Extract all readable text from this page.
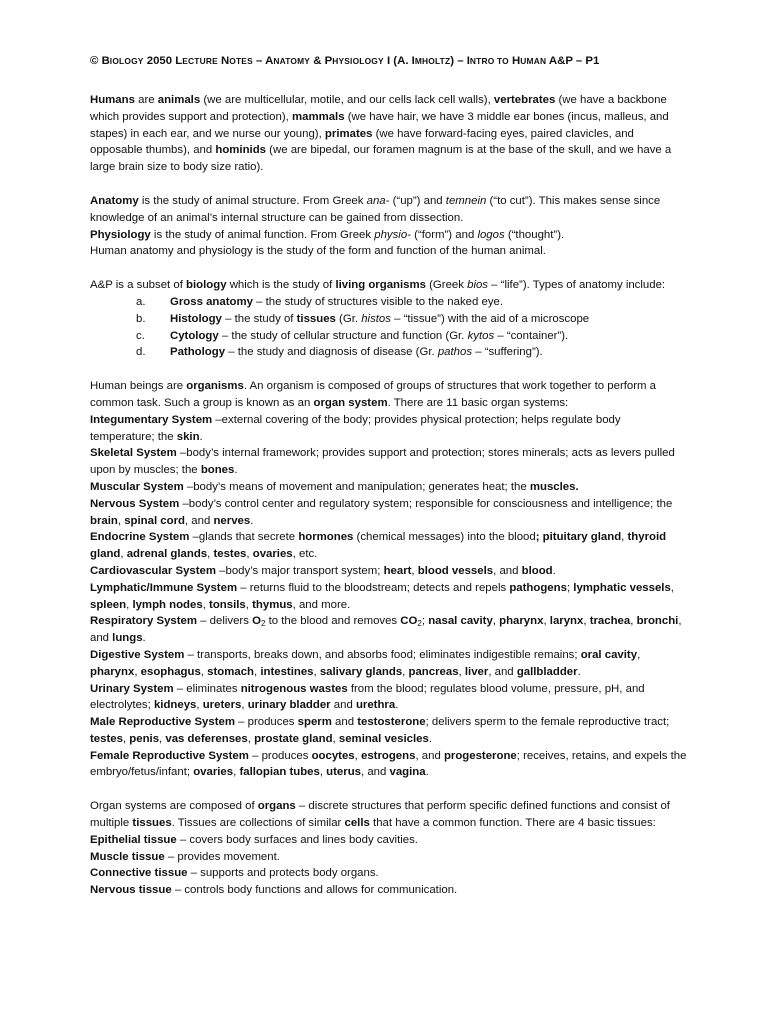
© BIOLOGY 2050 LECTURE NOTES – ANATOMY & PHYSIOLOGY I (A. IMHOLTZ) – INTRO TO HUMAN A&P – P1

Humans are animals (we are multicellular, motile, and our cells lack cell walls), vertebrates (we have a backbone which provides support and protection), mammals (we have hair, we have 3 middle ear bones (incus, malleus, and stapes) in each ear, and we nurse our young), primates (we have forward-facing eyes, paired clavicles, and opposable thumbs), and hominids (we are bipedal, our foramen magnum is at the base of the skull, and we have a large brain size to body size ratio).

Anatomy is the study of animal structure. From Greek ana- (“up”) and temnein (“to cut”). This makes sense since knowledge of an animal’s internal structure can be gained from dissection.

Physiology is the study of animal function. From Greek physio- (“form”) and logos (“thought”).

Human anatomy and physiology is the study of the form and function of the human animal.

A&P is a subset of biology which is the study of living organisms (Greek bios – “life”). Types of anatomy include:

a.	Gross anatomy – the study of structures visible to the naked eye.
b.	Histology – the study of tissues (Gr. histos – “tissue”) with the aid of a microscope
c.	Cytology – the study of cellular structure and function (Gr. kytos – “container”).
d.	Pathology – the study and diagnosis of disease (Gr. pathos – “suffering”).

Human beings are organisms. An organism is composed of groups of structures that work together to perform a common task. Such a group is known as an organ system. There are 11 basic organ systems:

Integumentary System –external covering of the body; provides physical protection; helps regulate body temperature; the skin.

Skeletal System –body’s internal framework; provides support and protection; stores minerals; acts as levers pulled upon by muscles; the bones.

Muscular System –body’s means of movement and manipulation; generates heat; the muscles.

Nervous System –body’s control center and regulatory system; responsible for consciousness and intelligence; the brain, spinal cord, and nerves.

Endocrine System –glands that secrete hormones (chemical messages) into the blood; pituitary gland, thyroid gland, adrenal glands, testes, ovaries, etc.

Cardiovascular System –body’s major transport system; heart, blood vessels, and blood.

Lymphatic/Immune System – returns fluid to the bloodstream; detects and repels pathogens; lymphatic vessels, spleen, lymph nodes, tonsils, thymus, and more.

Respiratory System – delivers $O_2$ to the blood and removes $CO_2$; nasal cavity, pharynx, larynx, trachea, bronchi, and lungs.

Digestive System – transports, breaks down, and absorbs food; eliminates indigestible remains; oral cavity, pharynx, esophagus, stomach, intestines, salivary glands, pancreas, liver, and gallbladder.

Urinary System – eliminates nitrogenous wastes from the blood; regulates blood volume, pressure, pH, and electrolytes; kidneys, ureters, urinary bladder and urethra.

Male Reproductive System – produces sperm and testosterone; delivers sperm to the female reproductive tract; testes, penis, vas deferenses, prostate gland, seminal vesicles.

Female Reproductive System – produces oocytes, estrogens, and progesterone; receives, retains, and expels the embryo/fetus/infant; ovaries, fallopian tubes, uterus, and vagina.

Organ systems are composed of organs – discrete structures that perform specific defined functions and consist of multiple tissues. Tissues are collections of similar cells that have a common function. There are 4 basic tissues:

Epithelial tissue – covers body surfaces and lines body cavities.

Muscle tissue – provides movement.

Connective tissue – supports and protects body organs.

Nervous tissue – controls body functions and allows for communication.
